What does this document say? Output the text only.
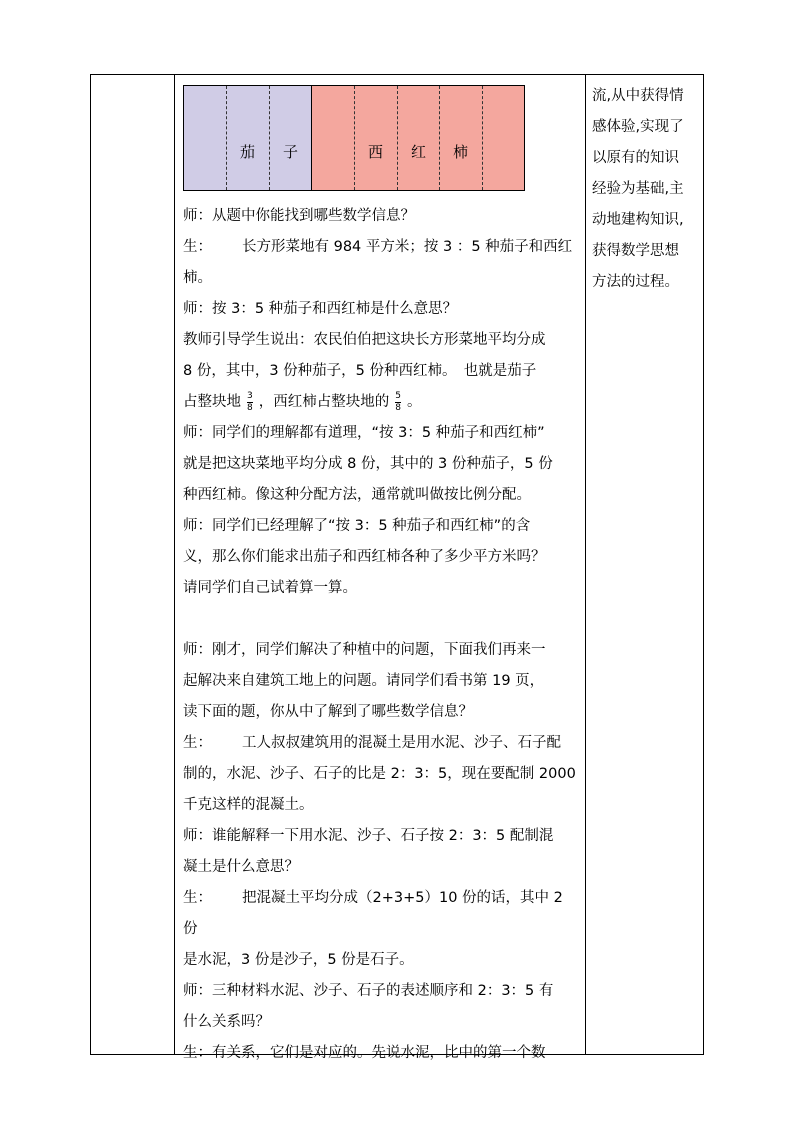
茄 子	西 红 柿

师：从题中你能找到哪些数学信息？

生： 长方形菜地有 984 平方米；按 3 ：5 种茄子和西红

柿。

师：按 3：5 种茄子和西红柿是什么意思？

教师引导学生说出：农民伯伯把这块长方形菜地平均分成

8 份，其中，3 份种茄子，5 份种西红柿。　也就是茄子

占整块地 $\frac{3}{8}$ ，西红柿占整块地的 $\frac{5}{8}$ 。

师：同学们的理解都有道理，“按 3：5 种茄子和西红柿”

就是把这块菜地平均分成 8 份，其中的 3 份种茄子，5 份

种西红柿。像这种分配方法，通常就叫做按比例分配。

师：同学们已经理解了“按 3：5 种茄子和西红柿”的含

义，那么你们能求出茄子和西红柿各种了多少平方米吗？

请同学们自己试着算一算。

师：刚才，同学们解决了种植中的问题，下面我们再来一

起解决来自建筑工地上的问题。请同学们看书第 19 页，

读下面的题，你从中了解到了哪些数学信息？

生： 工人叔叔建筑用的混凝土是用水泥、沙子、石子配

制的，水泥、沙子、石子的比是 2：3：5，现在要配制 2000

千克这样的混凝土。

师：谁能解释一下用水泥、沙子、石子按 2：3：5 配制混

凝土是什么意思？

生： 把混凝土平均分成（2+3+5）10 份的话，其中 2 份

是水泥，3 份是沙子，5 份是石子。

师：三种材料水泥、沙子、石子的表述顺序和 2：3：5 有

什么关系吗？

生：有关系，它们是对应的。先说水泥，比中的第一个数

流,从中获得情
感体验,实现了
以原有的知识
经验为基础,主
动地建构知识,
获得数学思想
方法的过程。
